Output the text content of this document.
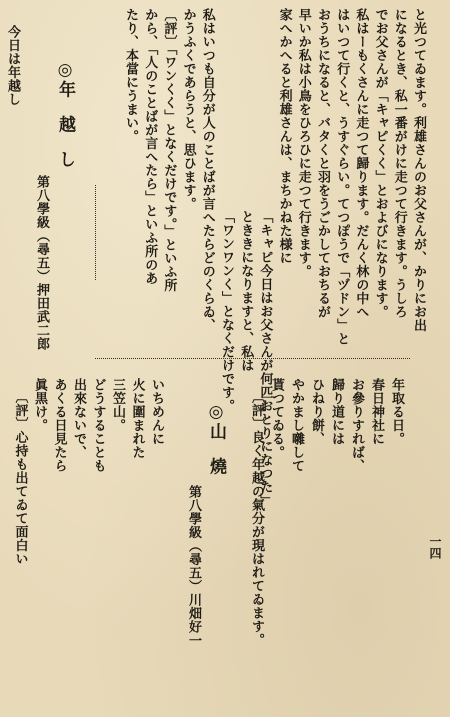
と光つてゐます。利雄さんのお父さんが、かりにお出
になるとき、私一番がけに走つて行きます。うしろ
でお父さんが「キャピくく」とおよびになります。
私はーもくさんに走つて歸ります。だんく林の中へ
はいつて行くと、うすぐらい。てつぽうで「ヅドン」と
おうちになると、バタくと羽をうごかしておちるが
早いか私は小鳥をひろひに走つて行きます。
家へかへると利雄さんは、まちかねた様に
「キャピ今日はお父さんが何匹おとりになつた」
とききになりますと、私は
「ワンワンく」となくだけです。
私はいつも自分が人のことばが言へたらどのくらゐ、
かうふくであらうと、思ひます。
〔評〕「ワンくく」となくだけです。」といふ所
から、「人のことばが言へたら」といふ所のあ
たり、本當にうまい。
◎年　越　し
第八學級（尋五）押田武二郎
今日は年越し
年取る日。
春日神社に
お參りすれば、
歸り道には
ひねり餅、
やかまし囃して
貰つてゐる。
〔評〕良く年越の氣分が現はれてゐます。
◎山　燒
第八學級（尋五）川畑好一
いちめんに
火に圍まれた
三笠山。
どうすることも
出來ないで、
あくる日見たら
眞黒け。
〔評〕心持も出てゐて面白い	一四
